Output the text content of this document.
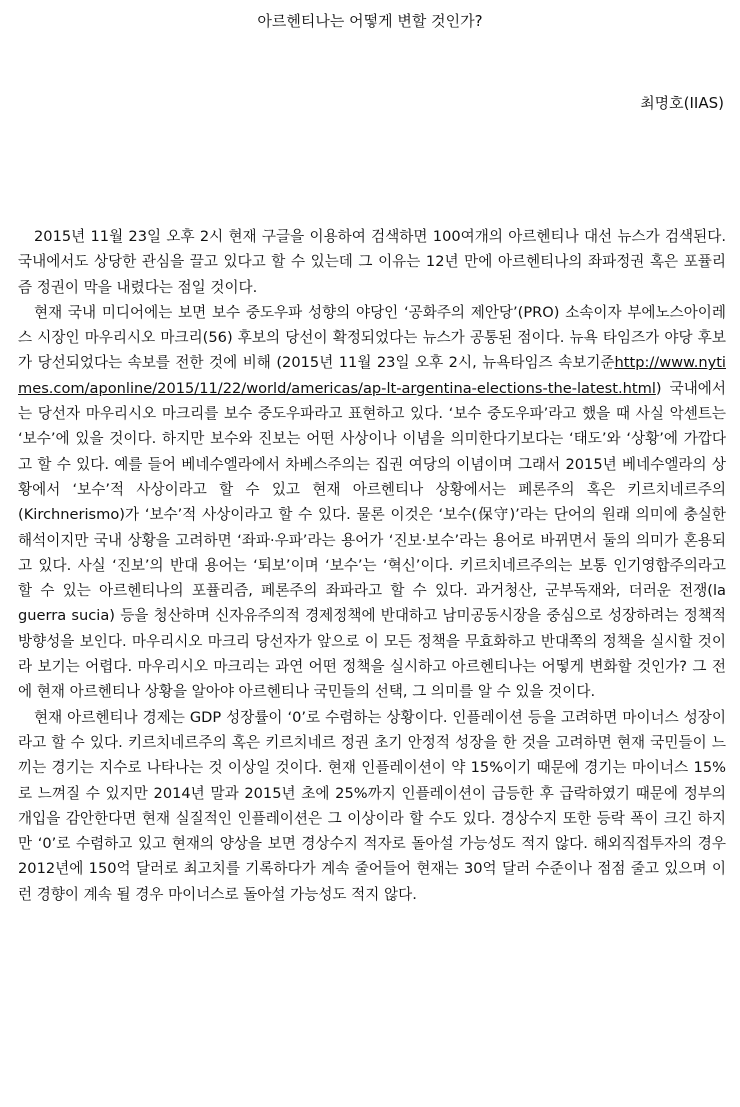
아르헨티나는 어떻게 변할 것인가?
최명호(IIAS)

2015년 11월 23일 오후 2시 현재 구글을 이용하여 검색하면 100여개의 아르헨티나 대선 뉴스가 검색된다. 국내에서도 상당한 관심을 끌고 있다고 할 수 있는데 그 이유는 12년 만에 아르헨티나의 좌파정권 혹은 포퓰리즘 정권이 막을 내렸다는 점일 것이다.

현재 국내 미디어에는 보면 보수 중도우파 성향의 야당인 ‘공화주의 제안당’(PRO) 소속이자 부에노스아이레스 시장인 마우리시오 마크리(56) 후보의 당선이 확정되었다는 뉴스가 공통된 점이다. 뉴욕 타임즈가 야당 후보가 당선되었다는 속보를 전한 것에 비해 (2015년 11월 23일 오후 2시, 뉴욕타임즈 속보기준http://www.nytimes.com/aponline/2015/11/22/world/americas/ap-lt-argentina-elections-the-latest.html) 국내에서는 당선자 마우리시오 마크리를 보수 중도우파라고 표현하고 있다. ‘보수 중도우파’라고 했을 때 사실 악센트는 ‘보수’에 있을 것이다. 하지만 보수와 진보는 어떤 사상이나 이념을 의미한다기보다는 ‘태도’와 ‘상황’에 가깝다고 할 수 있다. 예를 들어 베네수엘라에서 차베스주의는 집권 여당의 이념이며 그래서 2015년 베네수엘라의 상황에서 ‘보수’적 사상이라고 할 수 있고 현재 아르헨티나 상황에서는 페론주의 혹은 키르치네르주의(Kirchnerismo)가 ‘보수’적 사상이라고 할 수 있다. 물론 이것은 ‘보수(保守)’라는 단어의 원래 의미에 충실한 해석이지만 국내 상황을 고려하면 ‘좌파·우파’라는 용어가 ‘진보·보수’라는 용어로 바뀌면서 둘의 의미가 혼용되고 있다. 사실 ‘진보’의 반대 용어는 ‘퇴보’이며 ‘보수’는 ‘혁신’이다. 키르치네르주의는 보통 인기영합주의라고 할 수 있는 아르헨티나의 포퓰리즘, 페론주의 좌파라고 할 수 있다. 과거청산, 군부독재와, 더러운 전쟁(la guerra sucia) 등을 청산하며 신자유주의적 경제정책에 반대하고 남미공동시장을 중심으로 성장하려는 정책적 방향성을 보인다. 마우리시오 마크리 당선자가 앞으로 이 모든 정책을 무효화하고 반대쪽의 정책을 실시할 것이라 보기는 어렵다. 마우리시오 마크리는 과연 어떤 정책을 실시하고 아르헨티나는 어떻게 변화할 것인가? 그 전에 현재 아르헨티나 상황을 알아야 아르헨티나 국민들의 선택, 그 의미를 알 수 있을 것이다.

현재 아르헨티나 경제는 GDP 성장률이 ‘0’로 수렴하는 상황이다. 인플레이션 등을 고려하면 마이너스 성장이라고 할 수 있다. 키르치네르주의 혹은 키르치네르 정권 초기 안정적 성장을 한 것을 고려하면 현재 국민들이 느끼는 경기는 지수로 나타나는 것 이상일 것이다. 현재 인플레이션이 약 15%이기 때문에 경기는 마이너스 15%로 느껴질 수 있지만 2014년 말과 2015년 초에 25%까지 인플레이션이 급등한 후 급락하였기 때문에 정부의 개입을 감안한다면 현재 실질적인 인플레이션은 그 이상이라 할 수도 있다. 경상수지 또한 등락 폭이 크긴 하지만 ‘0’로 수렴하고 있고 현재의 양상을 보면 경상수지 적자로 돌아설 가능성도 적지 않다. 해외직접투자의 경우 2012년에 150억 달러로 최고치를 기록하다가 계속 줄어들어 현재는 30억 달러 수준이나 점점 줄고 있으며 이런 경향이 계속 될 경우 마이너스로 돌아설 가능성도 적지 않다.
